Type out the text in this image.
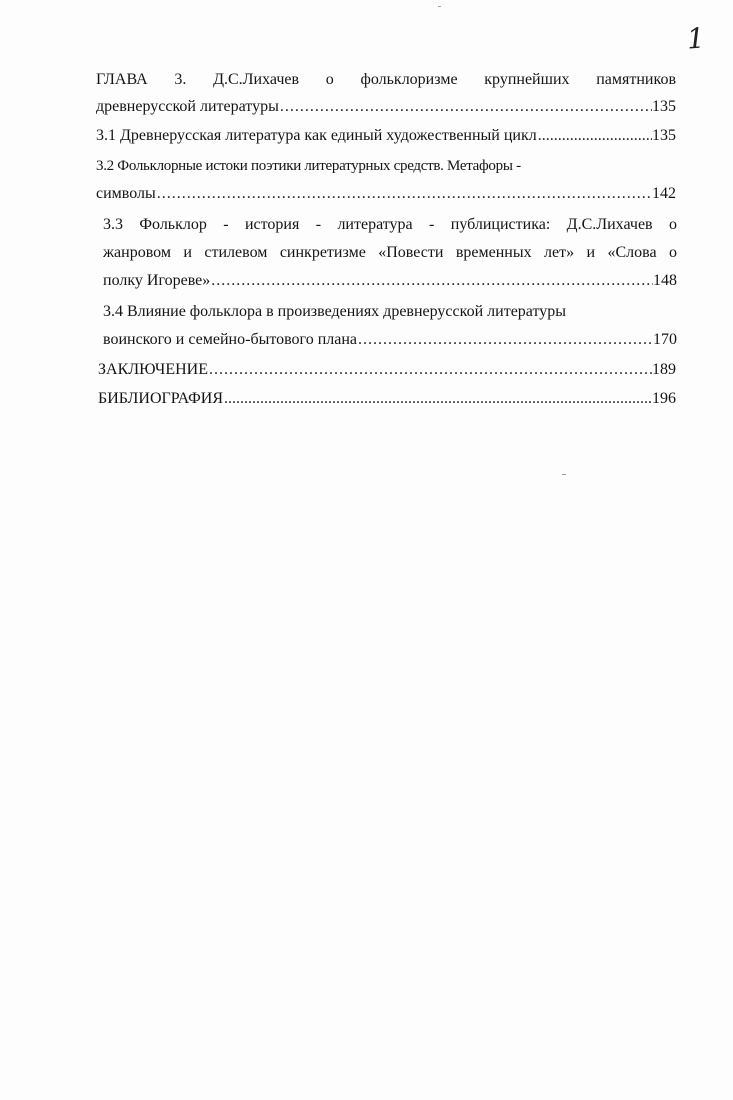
1
ГЛАВА 3. Д.С.Лихачев о фольклоризме крупнейших памятников
древнерусской литературы .....	135
3.1 Древнерусская литература как единый художественный цикл .....	135
3.2 Фольклорные истоки поэтики литературных средств. Метафоры -
символы .....	142
3.3 Фольклор - история - литература - публицистика: Д.С.Лихачев о
жанровом и стилевом синкретизме «Повести временных лет» и «Слова о
полку Игореве» .....	148
3.4 Влияние фольклора в произведениях древнерусской литературы
воинского и семейно-бытового плана .....	170
ЗАКЛЮЧЕНИЕ .....	189
БИБЛИОГРАФИЯ .....	196
